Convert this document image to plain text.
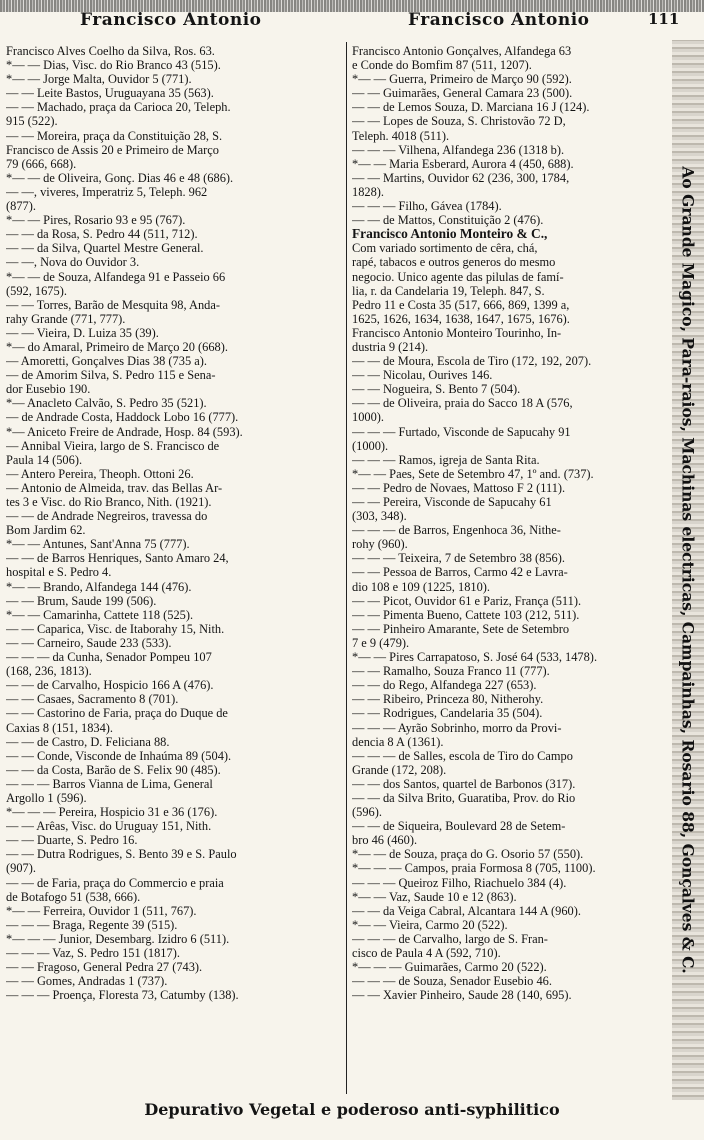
Francisco Antonio	Francisco Antonio	111
Francisco Alves Coelho da Silva, Ros. 63.
*— — Dias, Visc. do Rio Branco 43 (515).
*— — Jorge Malta, Ouvidor 5 (771).
— — Leite Bastos, Uruguayana 35 (563).
— — Machado, praça da Carioca 20, Teleph.
915 (522).
— — Moreira, praça da Constituição 28, S.
Francisco de Assis 20 e Primeiro de Março
79 (666, 668).
*— — de Oliveira, Gonç. Dias 46 e 48 (686).
— —, viveres, Imperatriz 5, Teleph. 962
(877).
*— — Pires, Rosario 93 e 95 (767).
— — da Rosa, S. Pedro 44 (511, 712).
— — da Silva, Quartel Mestre General.
— —, Nova do Ouvidor 3.
*— — de Souza, Alfandega 91 e Passeio 66
(592, 1675).
— — Torres, Barão de Mesquita 98, Anda-
rahy Grande (771, 777).
— — Vieira, D. Luiza 35 (39).
*— do Amaral, Primeiro de Março 20 (668).
— Amoretti, Gonçalves Dias 38 (735 a).
— de Amorim Silva, S. Pedro 115 e Sena-
dor Eusebio 190.
*— Anacleto Calvão, S. Pedro 35 (521).
— de Andrade Costa, Haddock Lobo 16 (777).
*— Aniceto Freire de Andrade, Hosp. 84 (593).
— Annibal Vieira, largo de S. Francisco de
Paula 14 (506).
— Antero Pereira, Theoph. Ottoni 26.
— Antonio de Almeida, trav. das Bellas Ar-
tes 3 e Visc. do Rio Branco, Nith. (1921).
— — de Andrade Negreiros, travessa do
Bom Jardim 62.
*— — Antunes, Sant'Anna 75 (777).
— — de Barros Henriques, Santo Amaro 24,
hospital e S. Pedro 4.
*— — Brando, Alfandega 144 (476).
— — Brum, Saude 199 (506).
*— — Camarinha, Cattete 118 (525).
— — Caparica, Visc. de Itaborahy 15, Nith.
— — Carneiro, Saude 233 (533).
— — — da Cunha, Senador Pompeu 107
(168, 236, 1813).
— — de Carvalho, Hospicio 166 A (476).
— — Casaes, Sacramento 8 (701).
— — Castorino de Faria, praça do Duque de
Caxias 8 (151, 1834).
— — de Castro, D. Feliciana 88.
— — Conde, Visconde de Inhaúma 89 (504).
— — da Costa, Barão de S. Felix 90 (485).
— — — Barros Vianna de Lima, General
Argollo 1 (596).
*— — — Pereira, Hospicio 31 e 36 (176).
— — Arêas, Visc. do Uruguay 151, Nith.
— — Duarte, S. Pedro 16.
— — Dutra Rodrigues, S. Bento 39 e S. Paulo
(907).
— — de Faria, praça do Commercio e praia
de Botafogo 51 (538, 666).
*— — Ferreira, Ouvidor 1 (511, 767).
— — — Braga, Regente 39 (515).
*— — — Junior, Desembarg. Izidro 6 (511).
— — — Vaz, S. Pedro 151 (1817).
— — Fragoso, General Pedra 27 (743).
— — Gomes, Andradas 1 (737).
— — — Proença, Floresta 73, Catumby (138).
Francisco Antonio Gonçalves, Alfandega 63
e Conde do Bomfim 87 (511, 1207).
*— — Guerra, Primeiro de Março 90 (592).
— — Guimarães, General Camara 23 (500).
— — de Lemos Souza, D. Marciana 16 J (124).
— — Lopes de Souza, S. Christovão 72 D,
Teleph. 4018 (511).
— — — Vilhena, Alfandega 236 (1318 b).
*— — Maria Esberard, Aurora 4 (450, 688).
— — Martins, Ouvidor 62 (236, 300, 1784,
1828).
— — — Filho, Gávea (1784).
— — de Mattos, Constituição 2 (476).
Francisco Antonio Monteiro & C.,
Com variado sortimento de cêra, chá,
rapé, tabacos e outros generos do mesmo
negocio. Unico agente das pilulas de famí-
lia, r. da Candelaria 19, Teleph. 847, S.
Pedro 11 e Costa 35 (517, 666, 869, 1399 a,
1625, 1626, 1634, 1638, 1647, 1675, 1676).
Francisco Antonio Monteiro Tourinho, In-
dustria 9 (214).
— — de Moura, Escola de Tiro (172, 192, 207).
— — Nicolau, Ourives 146.
— — Nogueira, S. Bento 7 (504).
— — de Oliveira, praia do Sacco 18 A (576,
1000).
— — — Furtado, Visconde de Sapucahy 91
(1000).
— — — Ramos, igreja de Santa Rita.
*— — Paes, Sete de Setembro 47, 1º and. (737).
— — Pedro de Novaes, Mattoso F 2 (111).
— — Pereira, Visconde de Sapucahy 61
(303, 348).
— — — de Barros, Engenhoca 36, Nithe-
rohy (960).
— — — Teixeira, 7 de Setembro 38 (856).
— — Pessoa de Barros, Carmo 42 e Lavra-
dio 108 e 109 (1225, 1810).
— — Picot, Ouvidor 61 e Pariz, França (511).
— — Pimenta Bueno, Cattete 103 (212, 511).
— — Pinheiro Amarante, Sete de Setembro
7 e 9 (479).
*— — Pires Carrapatoso, S. José 64 (533, 1478).
— — Ramalho, Souza Franco 11 (777).
— — do Rego, Alfandega 227 (653).
— — Ribeiro, Princeza 80, Nitherohy.
— — Rodrigues, Candelaria 35 (504).
— — — Ayrão Sobrinho, morro da Provi-
dencia 8 A (1361).
— — — de Salles, escola de Tiro do Campo
Grande (172, 208).
— — dos Santos, quartel de Barbonos (317).
— — da Silva Brito, Guaratiba, Prov. do Rio
(596).
— — de Siqueira, Boulevard 28 de Setem-
bro 46 (460).
*— — de Souza, praça do G. Osorio 57 (550).
*— — — Campos, praia Formosa 8 (705, 1100).
— — — Queiroz Filho, Riachuelo 384 (4).
*— — Vaz, Saude 10 e 12 (863).
— — da Veiga Cabral, Alcantara 144 A (960).
*— — Vieira, Carmo 20 (522).
— — — de Carvalho, largo de S. Fran-
cisco de Paula 4 A (592, 710).
*— — — Guimarães, Carmo 20 (522).
— — — de Souza, Senador Eusebio 46.
— — Xavier Pinheiro, Saude 28 (140, 695).
Ao Grande Magico, Para-raios, Machinas electricas, Campainhas, Rosario 88, Gonçalves & C.
Depurativo Vegetal e poderoso anti-syphilitico
